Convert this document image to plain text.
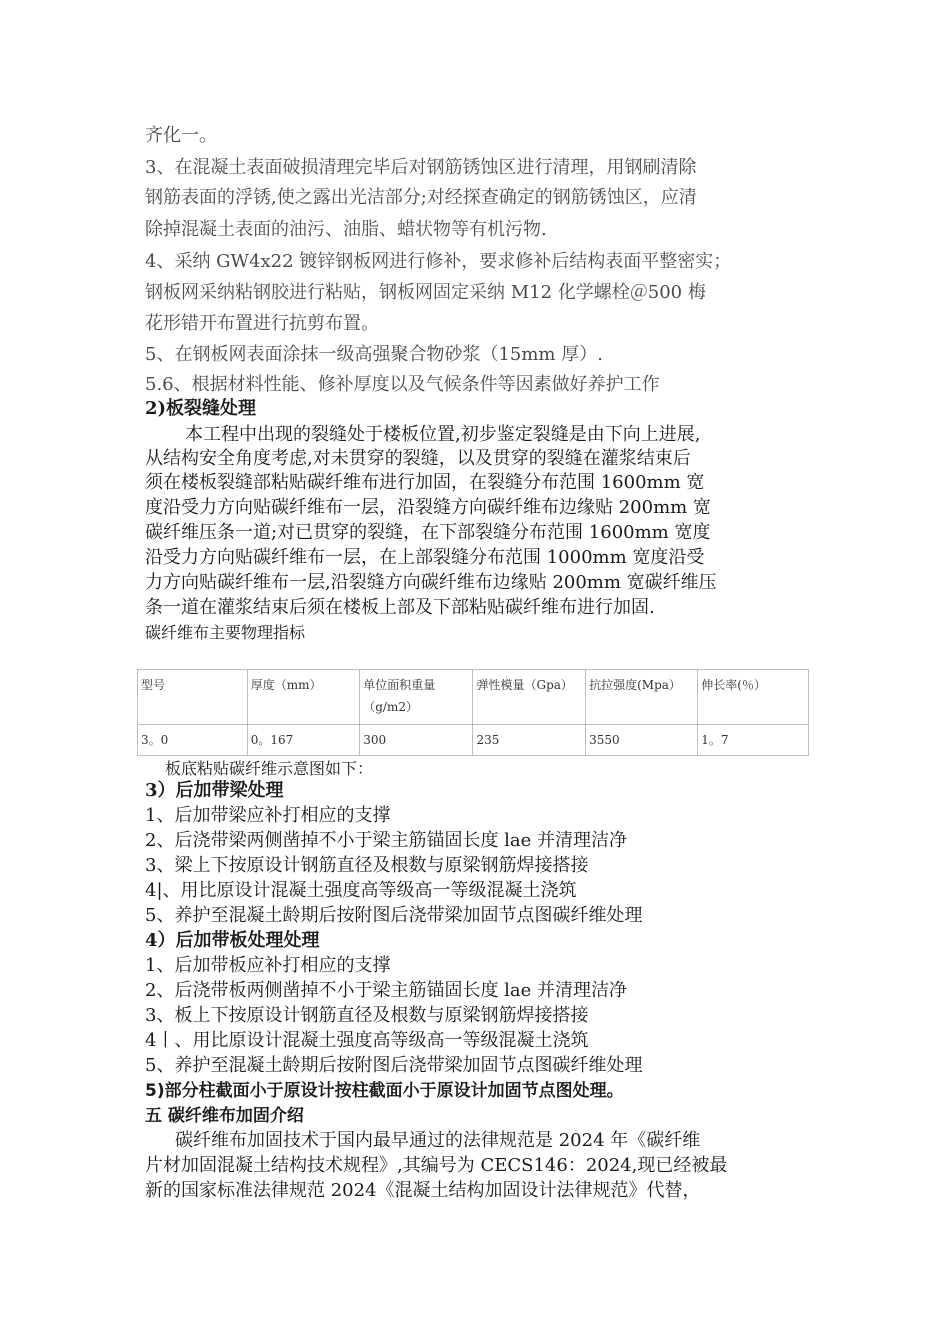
齐化一。
3、在混凝土表面破损清理完毕后对钢筋锈蚀区进行清理，用钢刷清除
钢筋表面的浮锈,使之露出光洁部分;对经探查确定的钢筋锈蚀区，应清
除掉混凝土表面的油污、油脂、蜡状物等有机污物.
4、采纳 GW4x22 镀锌钢板网进行修补，要求修补后结构表面平整密实；
钢板网采纳粘钢胶进行粘贴，钢板网固定采纳 M12 化学螺栓＠500 梅
花形错开布置进行抗剪布置。
5、在钢板网表面涂抹一级高强聚合物砂浆（15mm 厚）.
5.6、根据材料性能、修补厚度以及气候条件等因素做好养护工作
2)板裂缝处理
本工程中出现的裂缝处于楼板位置,初步鉴定裂缝是由下向上进展,
从结构安全角度考虑,对未贯穿的裂缝，以及贯穿的裂缝在灌浆结束后
须在楼板裂缝部粘贴碳纤维布进行加固，在裂缝分布范围 1600mm 宽
度沿受力方向贴碳纤维布一层，沿裂缝方向碳纤维布边缘贴 200mm 宽
碳纤维压条一道;对已贯穿的裂缝，在下部裂缝分布范围 1600mm 宽度
沿受力方向贴碳纤维布一层，在上部裂缝分布范围 1000mm 宽度沿受
力方向贴碳纤维布一层,沿裂缝方向碳纤维布边缘贴 200mm 宽碳纤维压
条一道在灌浆结束后须在楼板上部及下部粘贴碳纤维布进行加固.
碳纤维布主要物理指标
型号	厚度（mm）	单位面积重量（g/m2）	弹性模量（Gpa）	抗拉强度(Mpa）	伸长率(％）
3。0	0。167	300	235	3550	1。7
板底粘贴碳纤维示意图如下：
3）后加带梁处理
1、后加带梁应补打相应的支撑
2、后浇带梁两侧凿掉不小于梁主筋锚固长度 lae 并清理洁净
3、梁上下按原设计钢筋直径及根数与原梁钢筋焊接搭接
4|、用比原设计混凝土强度高等级高一等级混凝土浇筑
5、养护至混凝土龄期后按附图后浇带梁加固节点图碳纤维处理
4）后加带板处理处理
1、后加带板应补打相应的支撑
2、后浇带板两侧凿掉不小于梁主筋锚固长度 lae 并清理洁净
3、板上下按原设计钢筋直径及根数与原梁钢筋焊接搭接
4丨、用比原设计混凝土强度高等级高一等级混凝土浇筑
5、养护至混凝土龄期后按附图后浇带梁加固节点图碳纤维处理
5)部分柱截面小于原设计按柱截面小于原设计加固节点图处理。
五 碳纤维布加固介绍
碳纤维布加固技术于国内最早通过的法律规范是 2024 年《碳纤维
片材加固混凝土结构技术规程》,其编号为 CECS146：2024,现已经被最
新的国家标准法律规范 2024《混凝土结构加固设计法律规范》代替，
